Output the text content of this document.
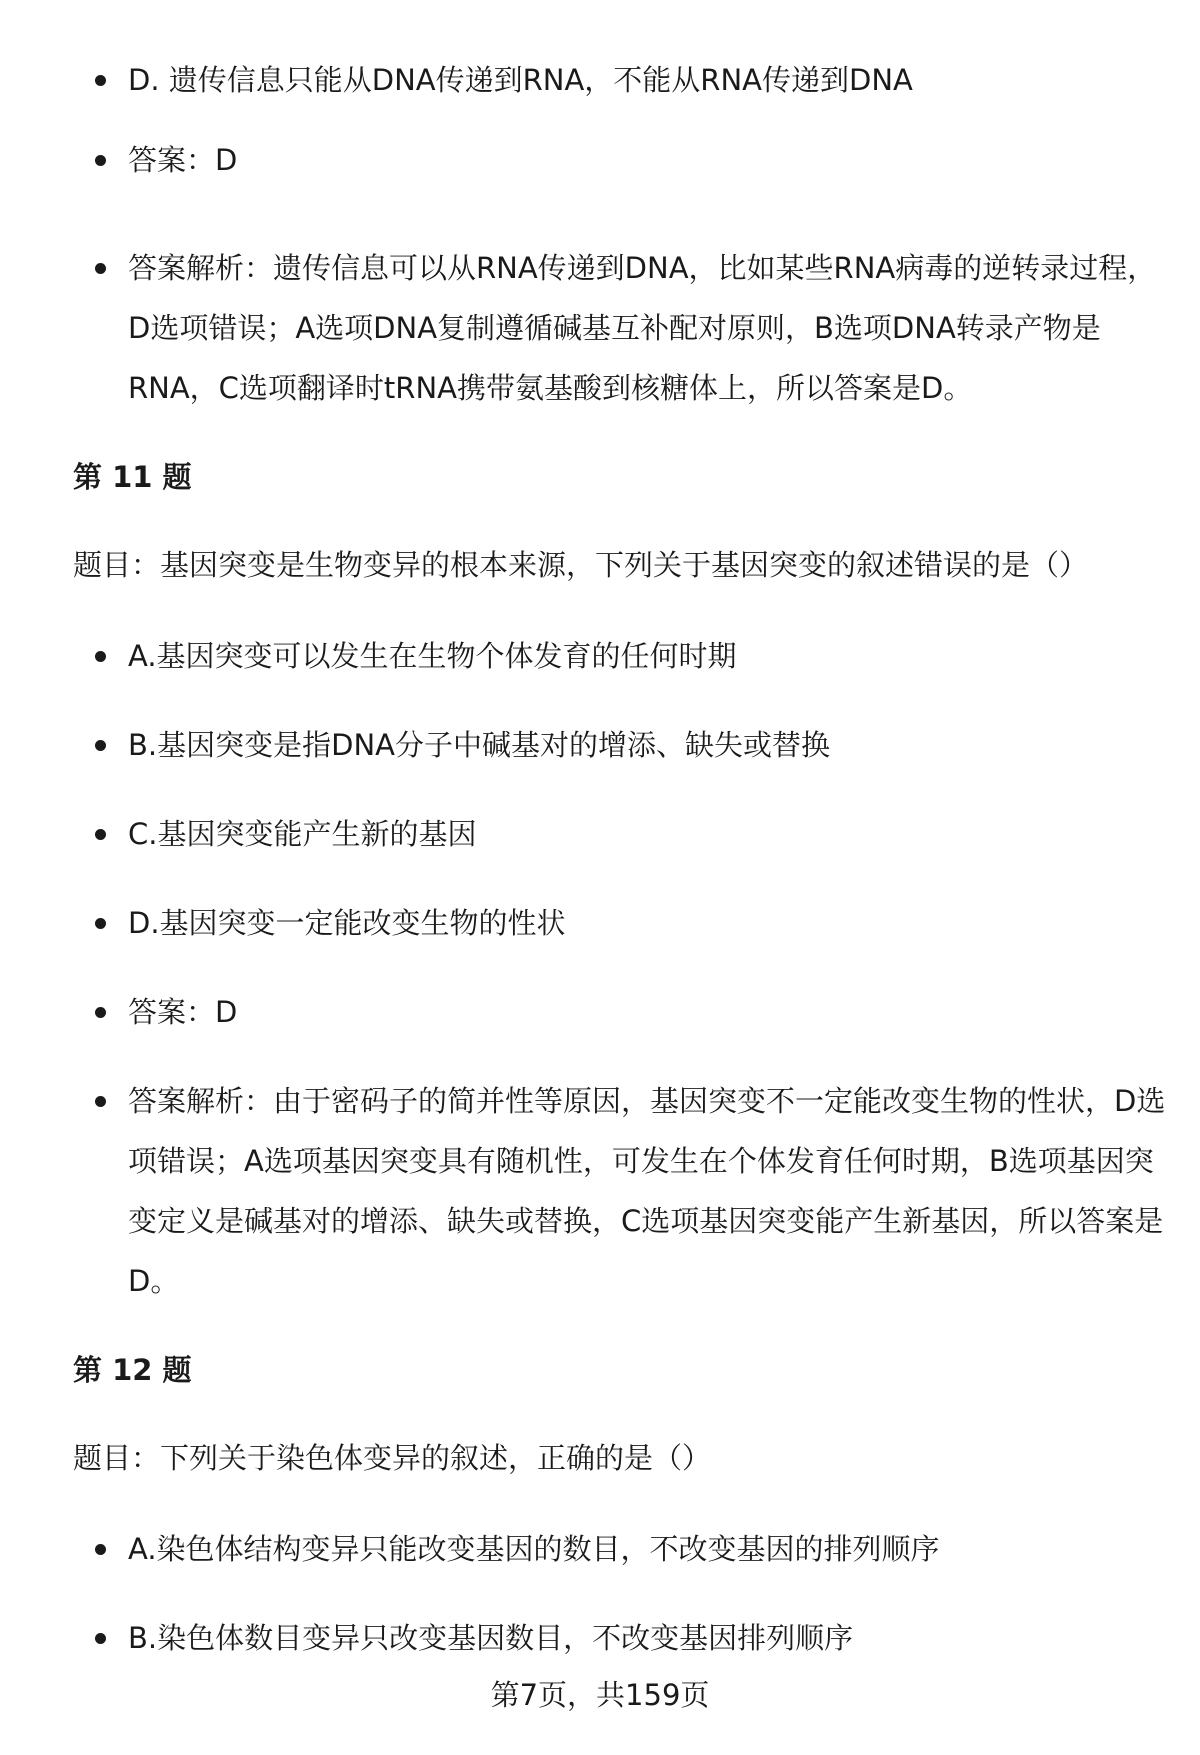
D. 遗传信息只能从DNA传递到RNA，不能从RNA传递到DNA
答案：D
答案解析：遗传信息可以从RNA传递到DNA，比如某些RNA病毒的逆转录过程，D选项错误；A选项DNA复制遵循碱基互补配对原则，B选项DNA转录产物是RNA，C选项翻译时tRNA携带氨基酸到核糖体上，所以答案是D。
第 11 题
题目：基因突变是生物变异的根本来源，下列关于基因突变的叙述错误的是（）
A.基因突变可以发生在生物个体发育的任何时期
B.基因突变是指DNA分子中碱基对的增添、缺失或替换
C.基因突变能产生新的基因
D.基因突变一定能改变生物的性状
答案：D
答案解析：由于密码子的简并性等原因，基因突变不一定能改变生物的性状，D选项错误；A选项基因突变具有随机性，可发生在个体发育任何时期，B选项基因突变定义是碱基对的增添、缺失或替换，C选项基因突变能产生新基因，所以答案是D。
第 12 题
题目：下列关于染色体变异的叙述，正确的是（）
A.染色体结构变异只能改变基因的数目，不改变基因的排列顺序
B.染色体数目变异只改变基因数目，不改变基因排列顺序
第7页，共159页
